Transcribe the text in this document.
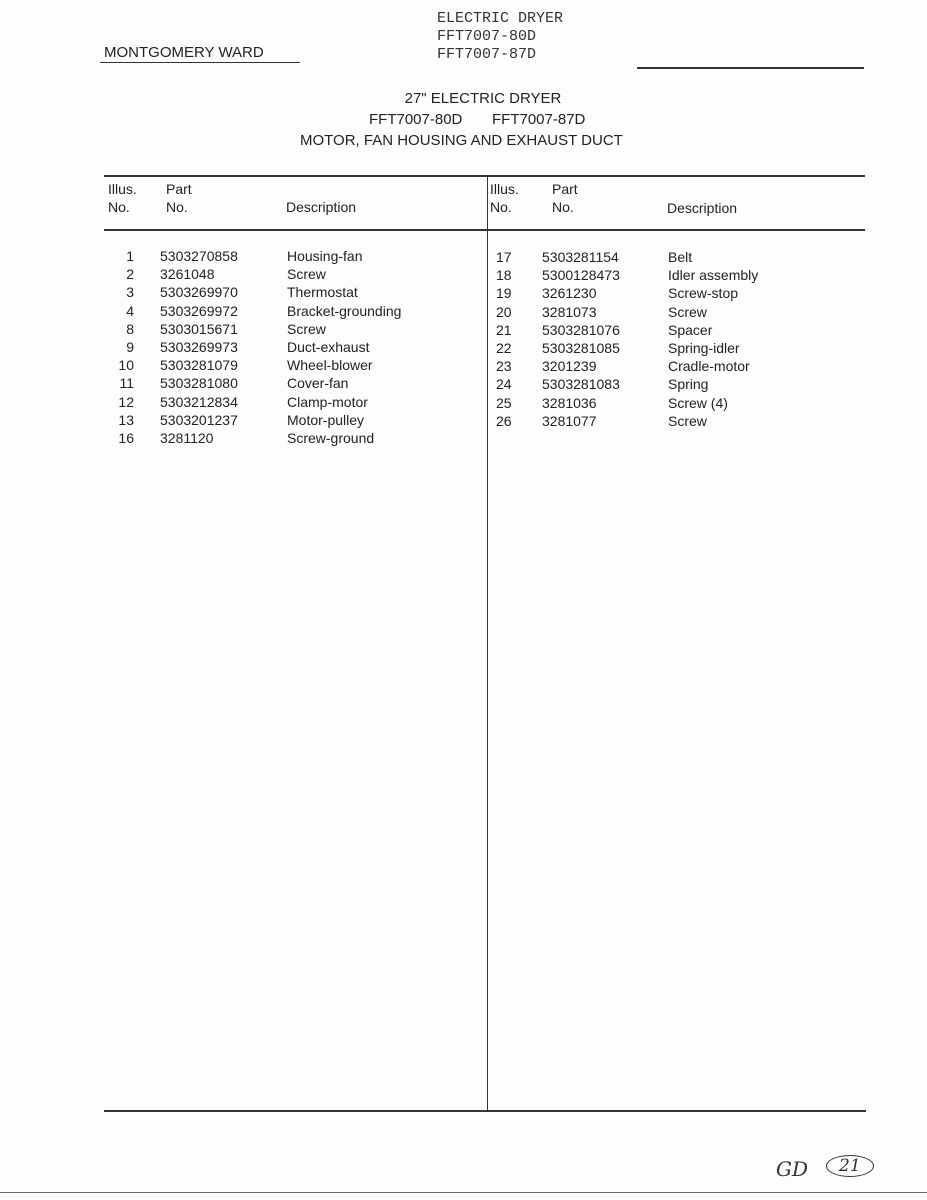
MONTGOMERY WARD
ELECTRIC DRYER
FFT7007-80D
FFT7007-87D
27" ELECTRIC DRYER
FFT7007-80D FFT7007-87D
MOTOR, FAN HOUSING AND EXHAUST DUCT
Illus.
No.
Part
No.	Description
Illus.
No.
Part
No.	Description
1 5303270858	Housing-fan
2 3261048	Screw
3 5303269970	Thermostat
4 5303269972	Bracket-grounding
8 5303015671	Screw
9 5303269973	Duct-exhaust
10 5303281079	Wheel-blower
11 5303281080	Cover-fan
12 5303212834	Clamp-motor
13 5303201237	Motor-pulley
16 3281120	Screw-ground
17 5303281154	Belt
18 5300128473	Idler assembly
19 3261230	Screw-stop
20 3281073	Screw
21 5303281076	Spacer
22 5303281085	Spring-idler
23 3201239	Cradle-motor
24 5303281083	Spring
25 3281036	Screw (4)
26 3281077	Screw
GD	21
